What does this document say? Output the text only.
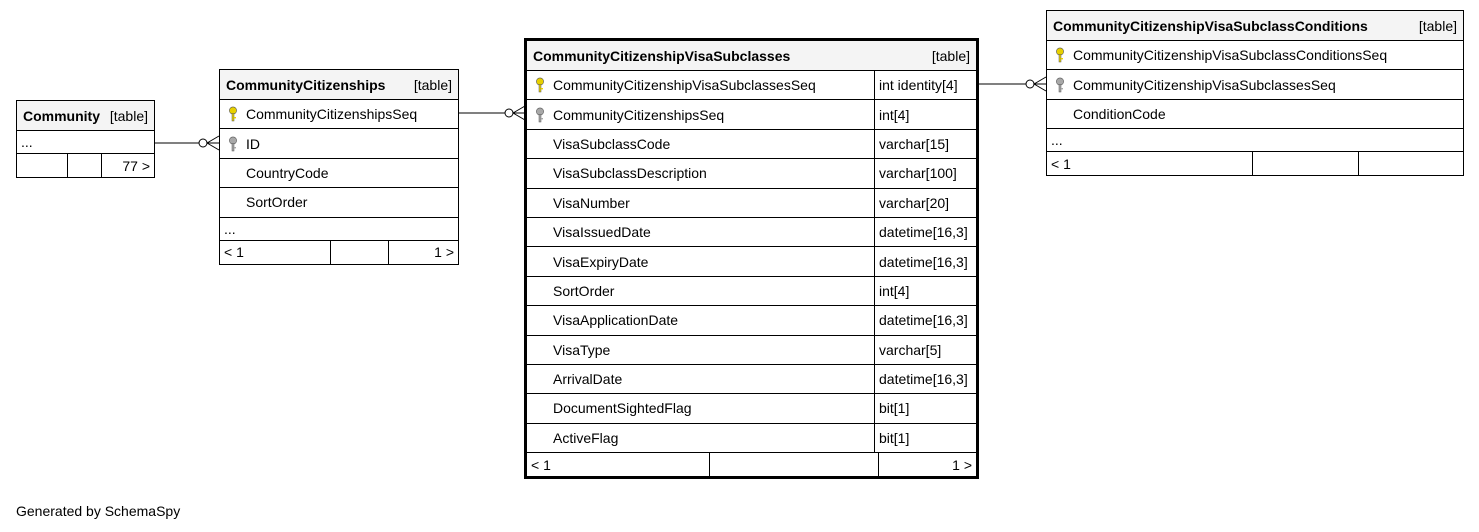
Community [table]
...
77 >
CommunityCitizenships [table]
CommunityCitizenshipsSeq
ID
CountryCode
SortOrder
...
< 1	1 >
CommunityCitizenshipVisaSubclasses	[table]
CommunityCitizenshipVisaSubclassesSeq	int identity[4]
CommunityCitizenshipsSeq	int[4]
VisaSubclassCode	varchar[15]
VisaSubclassDescription	varchar[100]
VisaNumber	varchar[20]
VisaIssuedDate	datetime[16,3]
VisaExpiryDate	datetime[16,3]
SortOrder	int[4]
VisaApplicationDate	datetime[16,3]
VisaType	varchar[5]
ArrivalDate	datetime[16,3]
DocumentSightedFlag	bit[1]
ActiveFlag	bit[1]
< 1	1 >
CommunityCitizenshipVisaSubclassConditions	[table]
CommunityCitizenshipVisaSubclassConditionsSeq
CommunityCitizenshipVisaSubclassesSeq
ConditionCode
...
< 1
Generated by SchemaSpy
